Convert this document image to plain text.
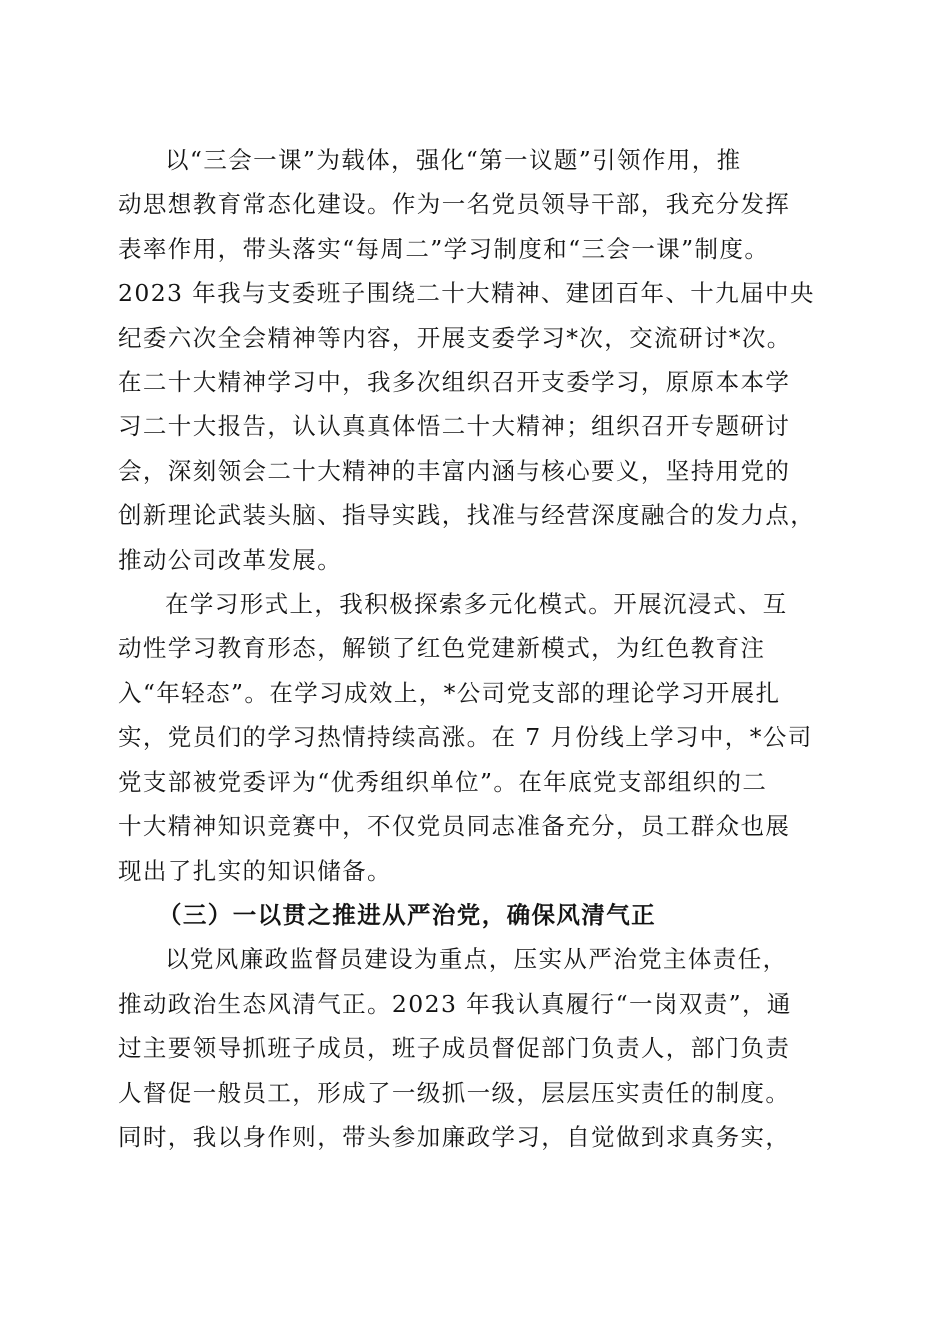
以“三会一课”为载体，强化“第一议题”引领作用，推
动思想教育常态化建设。作为一名党员领导干部，我充分发挥
表率作用，带头落实“每周二”学习制度和“三会一课”制度。
2023 年我与支委班子围绕二十大精神、建团百年、十九届中央
纪委六次全会精神等内容，开展支委学习*次，交流研讨*次。
在二十大精神学习中，我多次组织召开支委学习，原原本本学
习二十大报告，认认真真体悟二十大精神；组织召开专题研讨
会，深刻领会二十大精神的丰富内涵与核心要义，坚持用党的
创新理论武装头脑、指导实践，找准与经营深度融合的发力点，
推动公司改革发展。

在学习形式上，我积极探索多元化模式。开展沉浸式、互
动性学习教育形态，解锁了红色党建新模式，为红色教育注
入“年轻态”。在学习成效上，*公司党支部的理论学习开展扎
实，党员们的学习热情持续高涨。在 7 月份线上学习中，*公司
党支部被党委评为“优秀组织单位”。在年底党支部组织的二
十大精神知识竞赛中，不仅党员同志准备充分，员工群众也展
现出了扎实的知识储备。

（三）一以贯之推进从严治党，确保风清气正

以党风廉政监督员建设为重点，压实从严治党主体责任，
推动政治生态风清气正。2023 年我认真履行“一岗双责”，通
过主要领导抓班子成员，班子成员督促部门负责人，部门负责
人督促一般员工，形成了一级抓一级，层层压实责任的制度。
同时，我以身作则，带头参加廉政学习，自觉做到求真务实，
